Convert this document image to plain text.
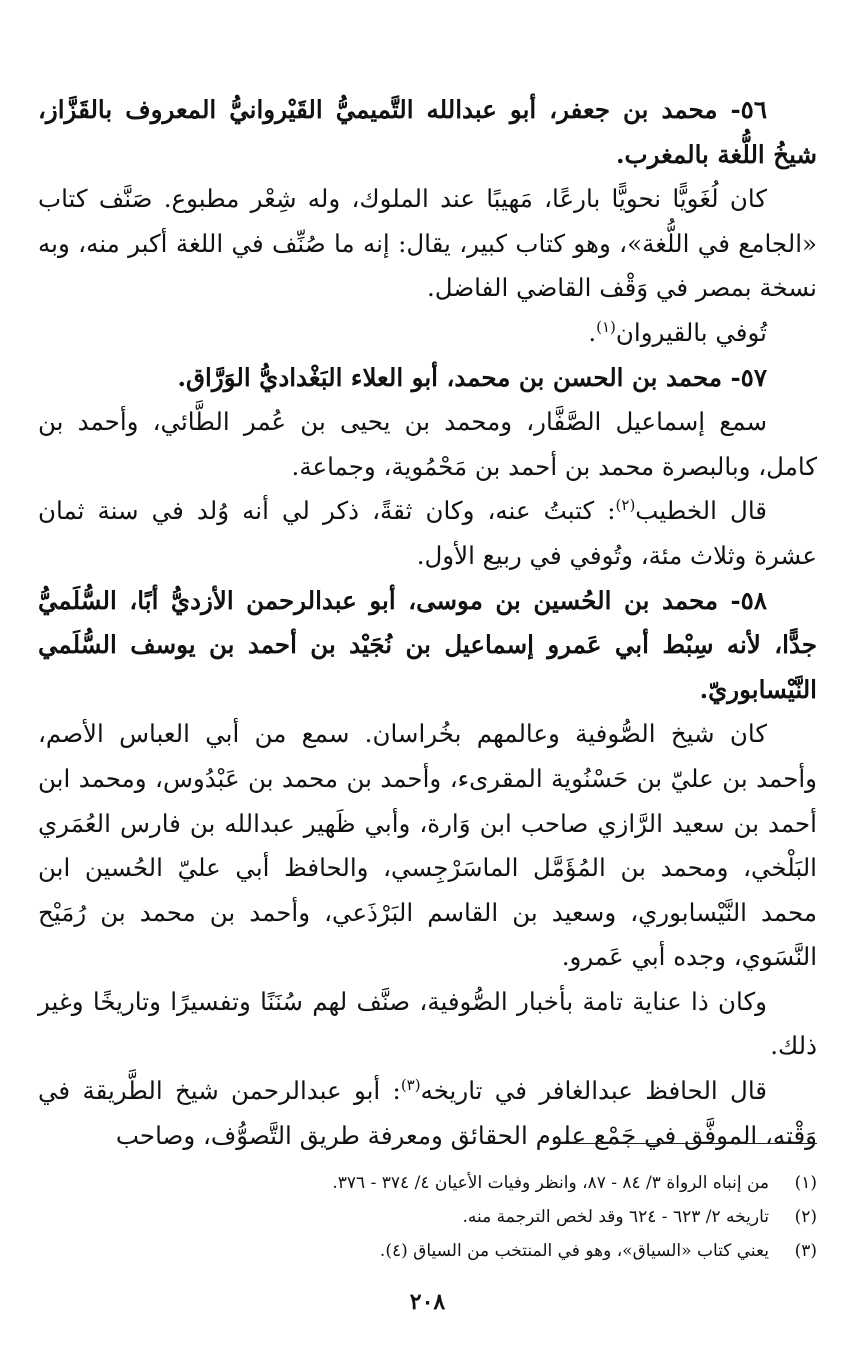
٥٦- محمد بن جعفر، أبو عبدالله التَّميميُّ القَيْروانيُّ المعروف بالقَزَّاز، شيخُ اللُّغة بالمغرب.

كان لُغَويًّا نحويًّا بارعًا، مَهيبًا عند الملوك، وله شِعْر مطبوع. صَنَّف كتاب «الجامع في اللُّغة»، وهو كتاب كبير، يقال: إنه ما صُنِّف في اللغة أكبر منه، وبه نسخة بمصر في وَقْف القاضي الفاضل.

تُوفي بالقيروان$^{(١)}$.

٥٧- محمد بن الحسن بن محمد، أبو العلاء البَغْداديُّ الوَرَّاق.

سمع إسماعيل الصَّفَّار، ومحمد بن يحيى بن عُمر الطَّائي، وأحمد بن كامل، وبالبصرة محمد بن أحمد بن مَحْمُوية، وجماعة.

قال الخطيب$^{(٢)}$: كتبتُ عنه، وكان ثقةً، ذكر لي أنه وُلد في سنة ثمان عشرة وثلاث مئة، وتُوفي في ربيع الأول.

٥٨- محمد بن الحُسين بن موسى، أبو عبدالرحمن الأزديُّ أبًا، السُّلَميُّ جدًّا، لأنه سِبْط أبي عَمرو إسماعيل بن نُجَيْد بن أحمد بن يوسف السُّلَمي النَّيْسابوريّ.

كان شيخ الصُّوفية وعالمهم بخُراسان. سمع من أبي العباس الأصم، وأحمد بن عليّ بن حَسْنُوية المقرىء، وأحمد بن محمد بن عَبْدُوس، ومحمد ابن أحمد بن سعيد الرَّازي صاحب ابن وَارة، وأبي ظَهير عبدالله بن فارس العُمَري البَلْخي، ومحمد بن المُؤَمَّل الماسَرْجِسي، والحافظ أبي عليّ الحُسين ابن محمد النَّيْسابوري، وسعيد بن القاسم البَرْذَعي، وأحمد بن محمد بن رُمَيْح النَّسَوي، وجده أبي عَمرو.

وكان ذا عناية تامة بأخبار الصُّوفية، صنَّف لهم سُنَنًا وتفسيرًا وتاريخًا وغير ذلك.

قال الحافظ عبدالغافر في تاريخه$^{(٣)}$: أبو عبدالرحمن شيخ الطَّريقة في وَقْته، الموفَّق في جَمْع علوم الحقائق ومعرفة طريق التَّصوُّف، وصاحب

(١)
من إنباه الرواة ٣/ ٨٤ - ٨٧، وانظر وفيات الأعيان ٤/ ٣٧٤ - ٣٧٦.
(٢)
تاريخه ٢/ ٦٢٣ - ٦٢٤ وقد لخص الترجمة منه.
(٣)
يعني كتاب «السياق»، وهو في المنتخب من السياق (٤).
٢٠٨
